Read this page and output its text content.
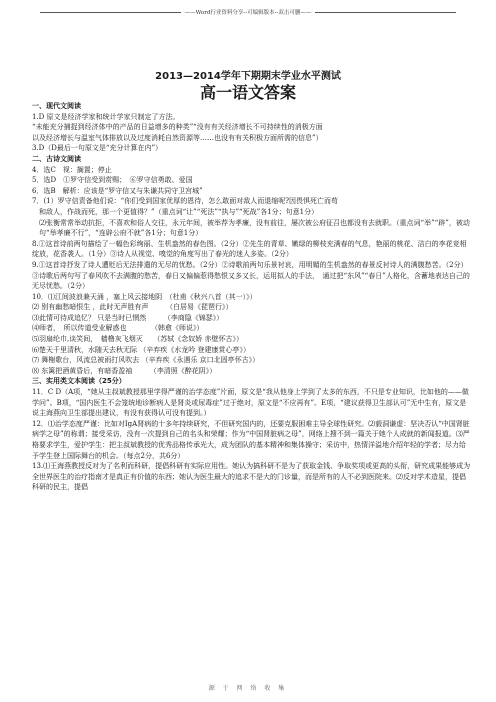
——Word行业资料分享--可编辑版本--双击可删——
2013—2014学年下期期末学业水平测试
高一语文答案

一、现代文阅读

1.D 原文是经济学家和统计学家只制定了方法。

“未能充分捕捉到经济体中的产品的日益增多的种类”“没有有关经济增长不可持续性的消极方面

以及经济增长与温室气体排放以及过度消耗自然资源等……也没有有关积极方面所需的信息”）

3.D（D最后一句原文是“充分计算在内”）

二、古诗文阅读

4．选C　视：搁置；停止

5．选D　①罗守信受到赏赐；　⑥罗守信勇敢、爱国

6．选B　解析：应该是“罗守信又与朱谦共同守卫宫城”

7．(1）罗守信责备他们说：“你们受到国家优厚的恩待，怎么敢面对敌人而退缩呢?因畏惧死亡而苟

和敌人，作战而死，那一个更值得？”（重点词“让”“死法”“执与”“死战”各1分；句意1分）

⑵张衡常常举动抗拒，不喜欢和俗人交往，永元年间，被举荐为孝廉，没有前往，屡次被公府征召也都没有去就职。（重点词“举”“辟”，被动句“举孝廉不行”，“连辟公府不就”各1分；句意1分）

8.①这首诗前两句描绘了一幅色彩绚丽、生机盎然的春色图。（2分）②先生的青草、嫩绿的柳枝充满春的气息，艳丽的桃花、洁白的李花竞相绽放，花香袭人。（1分）③诗人从视觉、嗅觉的角度写出了春光的迷人多姿。（2分）

9.①这首诗抒发了诗人遭贬后无法排遣的无尽的忧愁。（2分）②诗歌前两句乐景衬哀，用明媚的生机盎然的春景反衬诗人的满腹愁苦。（2分）③诗歌后两句写了春风吹不去满腹的愁苦，春日又偏偏惹得愁恨又多又长，运用拟人的手法，　通过把“东风”“春日”人格化，含蓄地表达自己的无尽忧愁。（2分）

10．⑴江间波浪兼天涌 ，塞上风云接地阴　（杜甫《秋兴八首（其一）》）

⑵ 别有幽愁暗恨生 ，此时无声胜有声　　　（白居易《琵琶行》）

⑶此情可待成追忆？ 只是当时已惘然　　　（李商隐《锦瑟》）

⑷师者，　所以传道受业解惑也　　　　（韩愈《师说》）

⑸羽扇纶巾,谈笑间，　樯橹灰飞烟灭　　（苏轼《念奴娇 赤壁怀古》）

⑹楚天千里清秋，水随天去秋无际 （辛弃疾《水龙吟 登建康赏心亭》）

⑺ 舞榭歌台，风流总被雨打风吹去 （辛弃疾《永遇乐 京口北固亭怀古》）

⑻ 东篱把酒黄昏后，有暗香盈袖　　　（李清照《醉花阴》）

三、实用类文本阅读（25分）

11．C D（A项，“她从主叔斌教授那里学得严谨的治学态度”片面，原文是“我从他身上学到了太多的东西，不只是专业知识，比如他的——做学问”。B项，“国内医生不会笼统地诊断病人是肾炎或尿毒症”过于绝对，原文是“不应再有”。E项，“建议获得卫生部认可”无中生有，原文是说主海燕向卫生部提出建议，有没有获得认可没有提到。）

12．⑴治学态度严谨：比如对IgA肾病的十多年持续研究，不但研究国内的，还要克服困难主导全球性研究。⑵毅洞谦虚：坚决否认“中国肾脏病学之母”的称谓；接受采访，没有一次提到自己的名头和荣耀；作为“中国肾脏病之母”，网络上搜不到一篇关于她个人成就的新闻报道。⑶严格要求学生，爱护学生：把主叔斌教授的优秀品格传承光大，成为团队的基本精神和集体操守；采访中，热情洋溢地介绍年轻的学者；尽力给予学生登上国际舞台的机会。（每点2分，共6分）

13.⑴王海燕教授反对为了名利而科研，提倡科研有实际应用性。她认为搞科研不是为了获取金钱、争取奖项或更高的头衔，研究成果能够成为全世界医生的治疗指南才是真正有价值的东西；她认为医生最大的追求不是大的门诊量，而是所有的人不必到医院来。⑵反对学术造星，提倡科研的民主，提倡

源 于 网 络 收 集
